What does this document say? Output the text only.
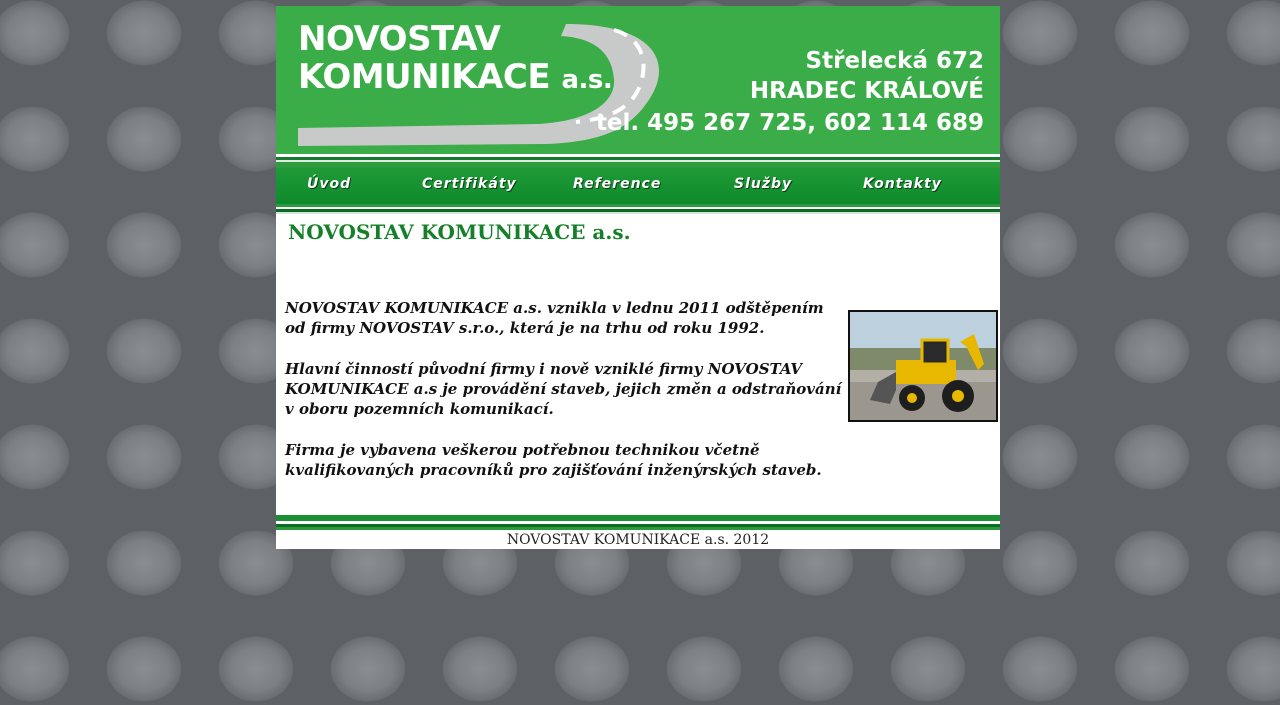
NOVOSTAV
KOMUNIKACE a.s.
Střelecká 672
HRADEC KRÁLOVÉ
tel. 495 267 725, 602 114 689
Úvod	Certifikáty	Reference	Služby	Kontakty
NOVOSTAV KOMUNIKACE a.s.

NOVOSTAV KOMUNIKACE a.s. vznikla v lednu 2011 odštěpením
od firmy NOVOSTAV s.r.o., která je na trhu od roku 1992.

Hlavní činností původní firmy i nově vzniklé firmy NOVOSTAV KOMUNIKACE a.s je provádění staveb, jejich změn a odstraňování v oboru pozemních komunikací.

Firma je vybavena veškerou potřebnou technikou včetně kvalifikovaných pracovníků pro zajišťování inženýrských staveb.

NOVOSTAV KOMUNIKACE a.s. 2012
